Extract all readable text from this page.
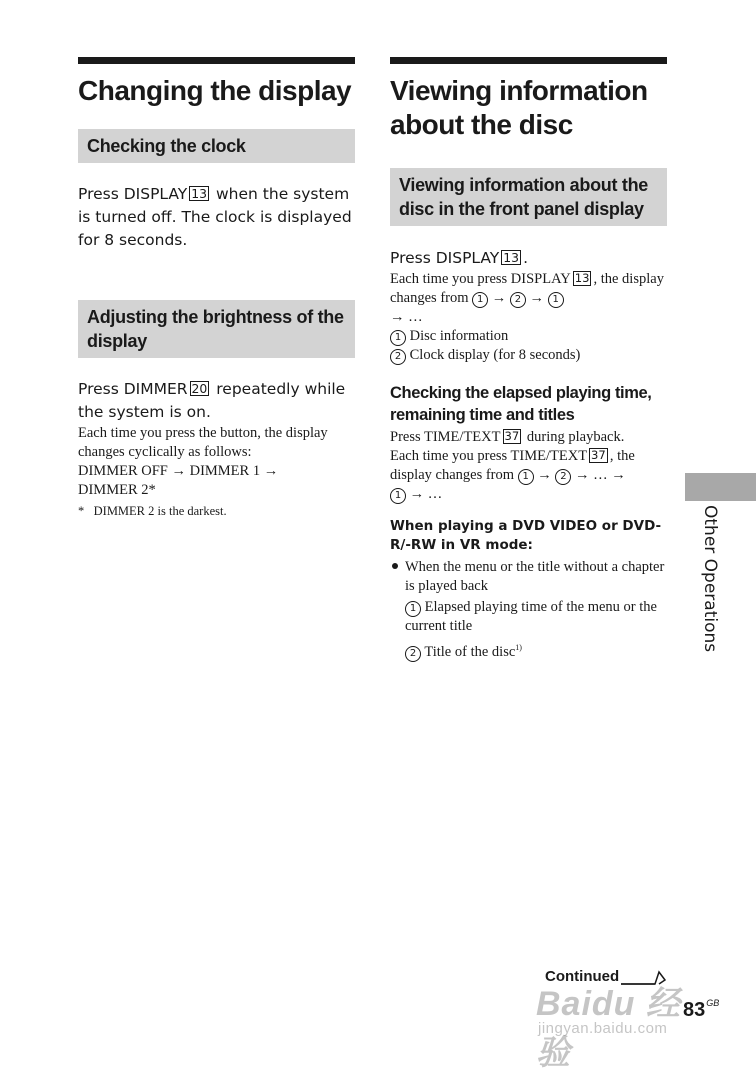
Changing the display
Checking the clock
Press DISPLAY 13 when the system is turned off. The clock is displayed for 8 seconds.
Adjusting the brightness of the display
Press DIMMER 20 repeatedly while the system is on.
Each time you press the button, the display changes cyclically as follows:
DIMMER OFF → DIMMER 1 →
DIMMER 2*
* DIMMER 2 is the darkest.
Viewing information about the disc
Viewing information about the disc in the front panel display
Press DISPLAY 13 .
Each time you press DISPLAY 13 , the display changes from 1 → 2 → 1
→ …
1 Disc information
2 Clock display (for 8 seconds)
Checking the elapsed playing time, remaining time and titles
Press TIME/TEXT 37 during playback.
Each time you press TIME/TEXT 37 , the display changes from 1 → 2 → … →
1 → …
When playing a DVD VIDEO or DVD-R/-RW in VR mode:
When the menu or the title without a chapter is played back
1 Elapsed playing time of the menu or the current title
2 Title of the disc$^{1)}$	Other Operations
Continued
$83^{GB}$
Baidu 经验
jingyan.baidu.com
